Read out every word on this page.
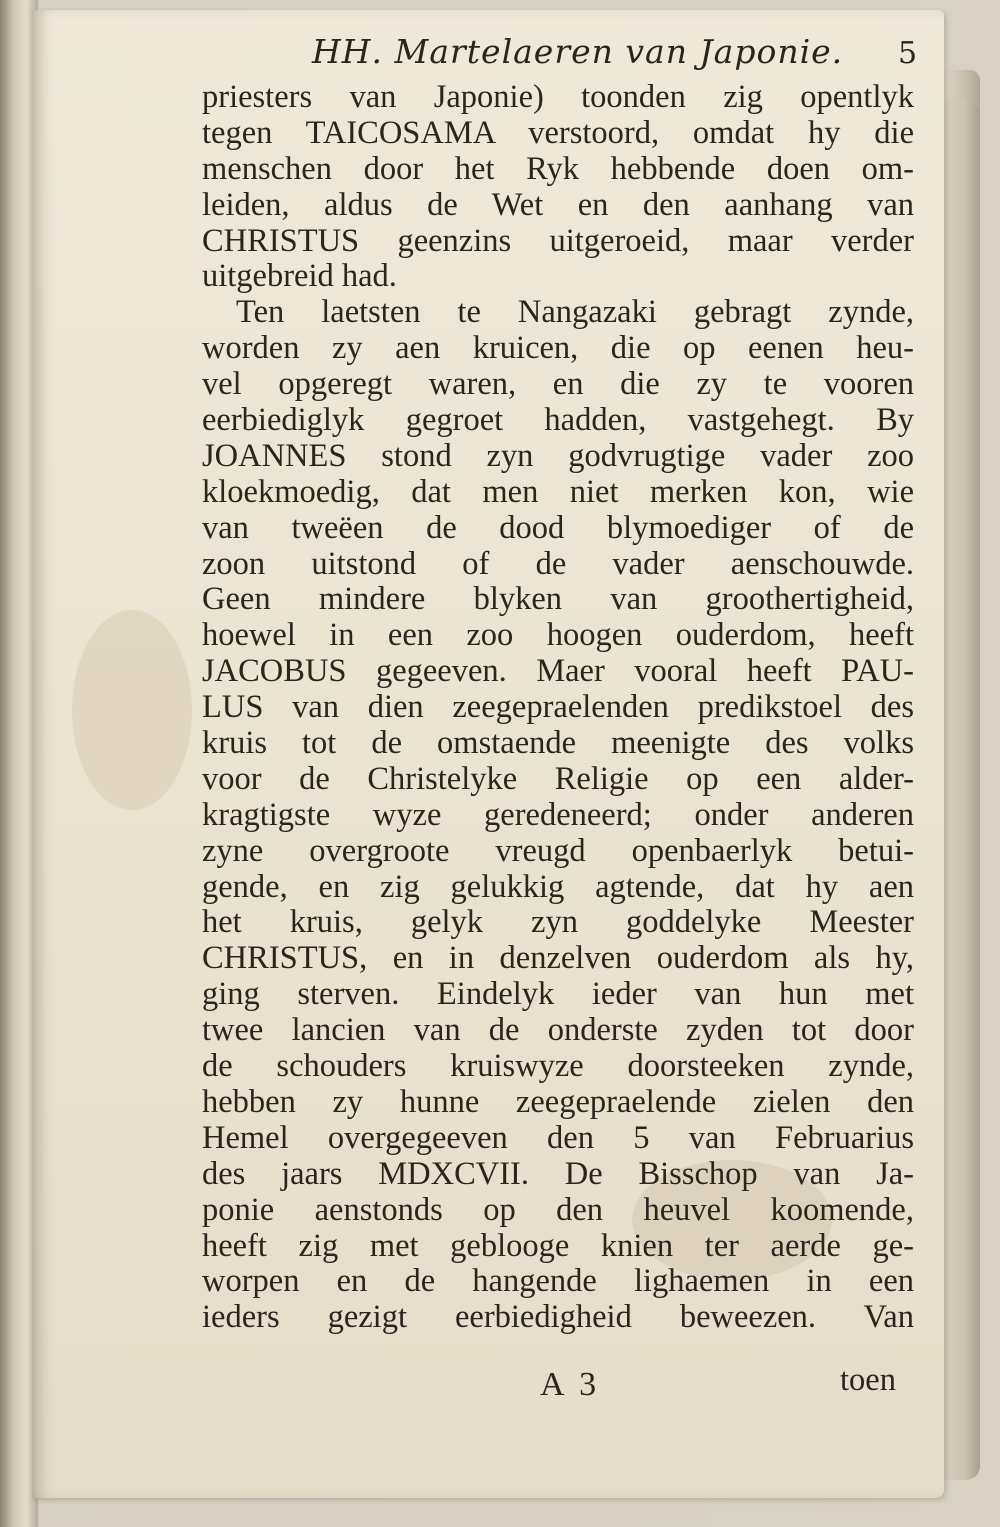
HH. Martelaeren van Japonie. 5
priesters van Japonie) toonden zig opentlyk
tegen TAICOSAMA verstoord, omdat hy die
menschen door het Ryk hebbende doen om-
leiden, aldus de Wet en den aanhang van
CHRISTUS geenzins uitgeroeid, maar verder
uitgebreid had.
Ten laetsten te Nangazaki gebragt zynde,
worden zy aen kruicen, die op eenen heu-
vel opgeregt waren, en die zy te vooren
eerbiediglyk gegroet hadden, vastgehegt. By
JOANNES stond zyn godvrugtige vader zoo
kloekmoedig, dat men niet merken kon, wie
van tweëen de dood blymoediger of de
zoon uitstond of de vader aenschouwde.
Geen mindere blyken van groothertigheid,
hoewel in een zoo hoogen ouderdom, heeft
JACOBUS gegeeven. Maer vooral heeft PAU-
LUS van dien zeegepraelenden predikstoel des
kruis tot de omstaende meenigte des volks
voor de Christelyke Religie op een alder-
kragtigste wyze geredeneerd; onder anderen
zyne overgroote vreugd openbaerlyk betui-
gende, en zig gelukkig agtende, dat hy aen
het kruis, gelyk zyn goddelyke Meester
CHRISTUS, en in denzelven ouderdom als hy,
ging sterven. Eindelyk ieder van hun met
twee lancien van de onderste zyden tot door
de schouders kruiswyze doorsteeken zynde,
hebben zy hunne zeegepraelende zielen den
Hemel overgegeeven den 5 van Februarius
des jaars MDXCVII. De Bisschop van Ja-
ponie aenstonds op den heuvel koomende,
heeft zig met geblooge knien ter aerde ge-
worpen en de hangende lighaemen in een
ieders gezigt eerbiedigheid beweezen. Van
A 3	toen
